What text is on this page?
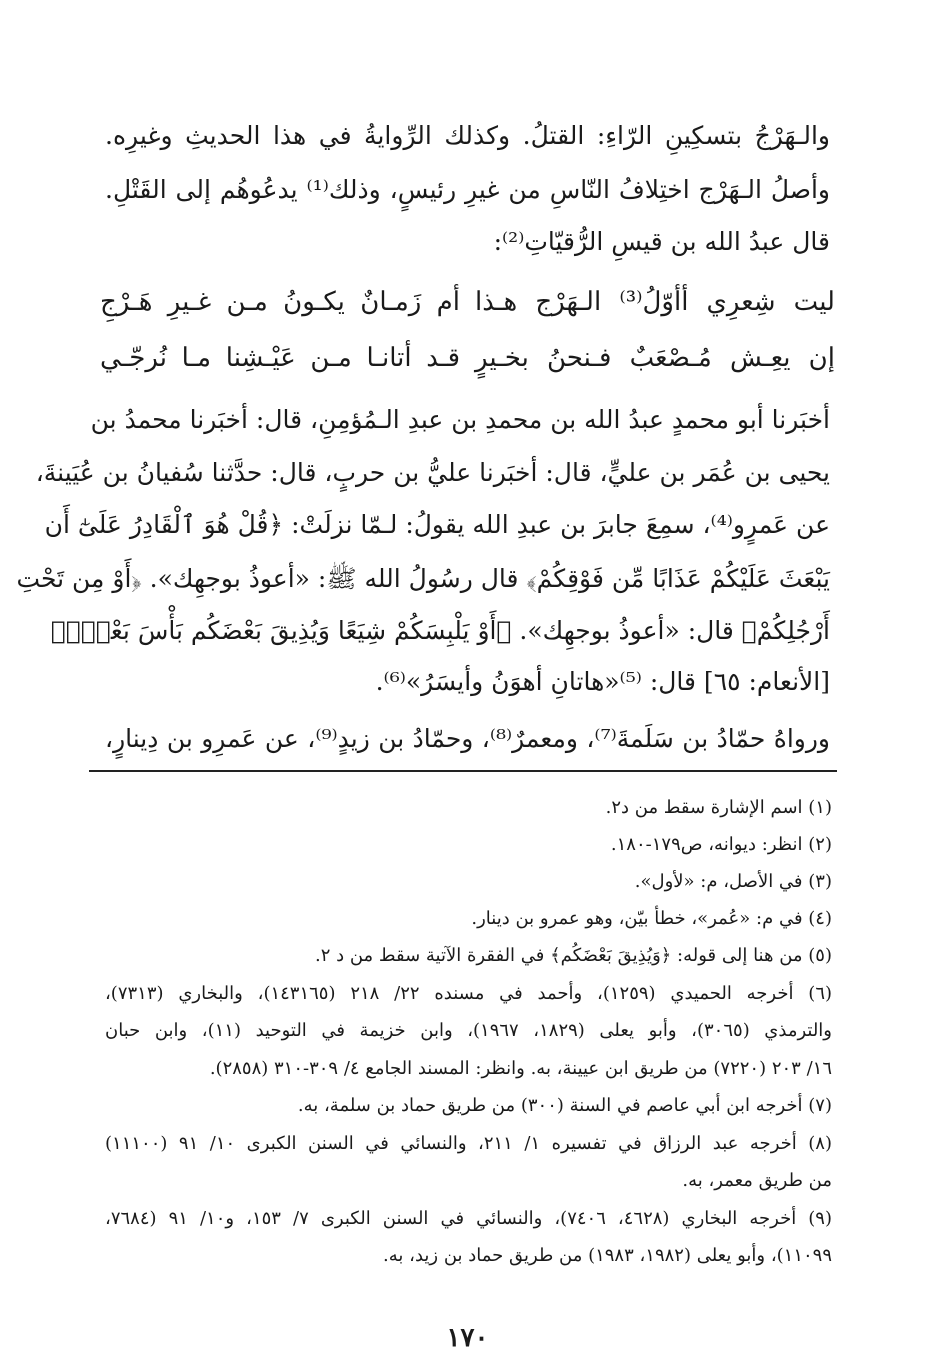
والـهَرْجُ بتسكِينِ الرّاءِ: القتلُ. وكذلك الرِّوايةُ في هذا الحديثِ وغيرِه.
وأصلُ الـهَرْج اختِلافُ النّاسِ من غيرِ رئيسٍ، وذلك⁽¹⁾ يدعُوهُم إلى القَتْلِ.
قال عبدُ الله بن قيسِ الرُّقيّاتِ⁽²⁾:
ليت شِعرِي أأوّلُ⁽³⁾ الـهَرْج هـذا
أم زَمـانٌ يكـونُ مـن غـيرِ هَـرْجِ
إن يعِـش مُـصْعَبٌ فـنحنُ بخـيرٍ
قـد أتانـا مـن عَيْـشِنا مـا نُرجّـي
أخبَرنا أبو محمدٍ عبدُ الله بن محمدِ بن عبدِ الـمُؤمِنِ، قال: أخبَرنا محمدُ بن
يحيى بن عُمَر بن عليٍّ، قال: أخبَرنا عليُّ بن حربٍ، قال: حدَّثنا سُفيانُ بن عُيَينةَ،
عن عَمرٍو⁽⁴⁾، سمِعَ جابرَ بن عبدِ الله يقولُ: لـمّا نزلَتْ: ﴿قُلْ هُوَ ٱلْقَادِرُ عَلَىٰٓ أَن
يَبْعَثَ عَلَيْكُمْ عَذَابًا مِّن فَوْقِكُمْ﴾ قال رسُولُ الله ﷺ: «أعوذُ بوجهِك». ﴿أَوْ مِن تَحْتِ
أَرْجُلِكُمْ﴾ قال: «أعوذُ بوجهِك». ﴿أَوْ يَلْبِسَكُمْ شِيَعًا وَيُذِيقَ بَعْضَكُم بَأْسَ بَعْضٍۗ﴾
[الأنعام: ٦٥] قال: ⁽⁵⁾«هاتانِ أهوَنُ وأيسَرُ»⁽⁶⁾.
ورواهُ حمّادُ بن سَلَمةَ⁽⁷⁾، ومعمرٌ⁽⁸⁾، وحمّادُ بن زيدٍ⁽⁹⁾، عن عَمرِو بن دِينارٍ،
(١) اسم الإشارة سقط من د٢.
(٢) انظر: ديوانه، ص١٧٩-١٨٠.
(٣) في الأصل، م: «لأول».
(٤) في م: «عُمر»، خطأ بيّن، وهو عمرو بن دينار.
(٥) من هنا إلى قوله: ﴿وَيُذِيقَ بَعْضَكُم﴾ في الفقرة الآتية سقط من د ٢.
(٦) أخرجه الحميدي (١٢٥٩)، وأحمد في مسنده ٢٢/ ٢١٨ (١٤٣١٦٥)، والبخاري (٧٣١٣)،
والترمذي (٣٠٦٥)، وأبو يعلى (١٨٢٩، ١٩٦٧)، وابن خزيمة في التوحيد (١١)، وابن حبان
١٦/ ٢٠٣ (٧٢٢٠) من طريق ابن عيينة، به. وانظر: المسند الجامع ٤/ ٣٠٩-٣١٠ (٢٨٥٨).
(٧) أخرجه ابن أبي عاصم في السنة (٣٠٠) من طريق حماد بن سلمة، به.
(٨) أخرجه عبد الرزاق في تفسيره ١/ ٢١١، والنسائي في السنن الكبرى ١٠/ ٩١ (١١١٠٠)
من طريق معمر، به.
(٩) أخرجه البخاري (٤٦٢٨، ٧٤٠٦)، والنسائي في السنن الكبرى ٧/ ١٥٣، و١٠/ ٩١ (٧٦٨٤،
١١٠٩٩)، وأبو يعلى (١٩٨٢، ١٩٨٣) من طريق حماد بن زيد، به.
١٧٠
